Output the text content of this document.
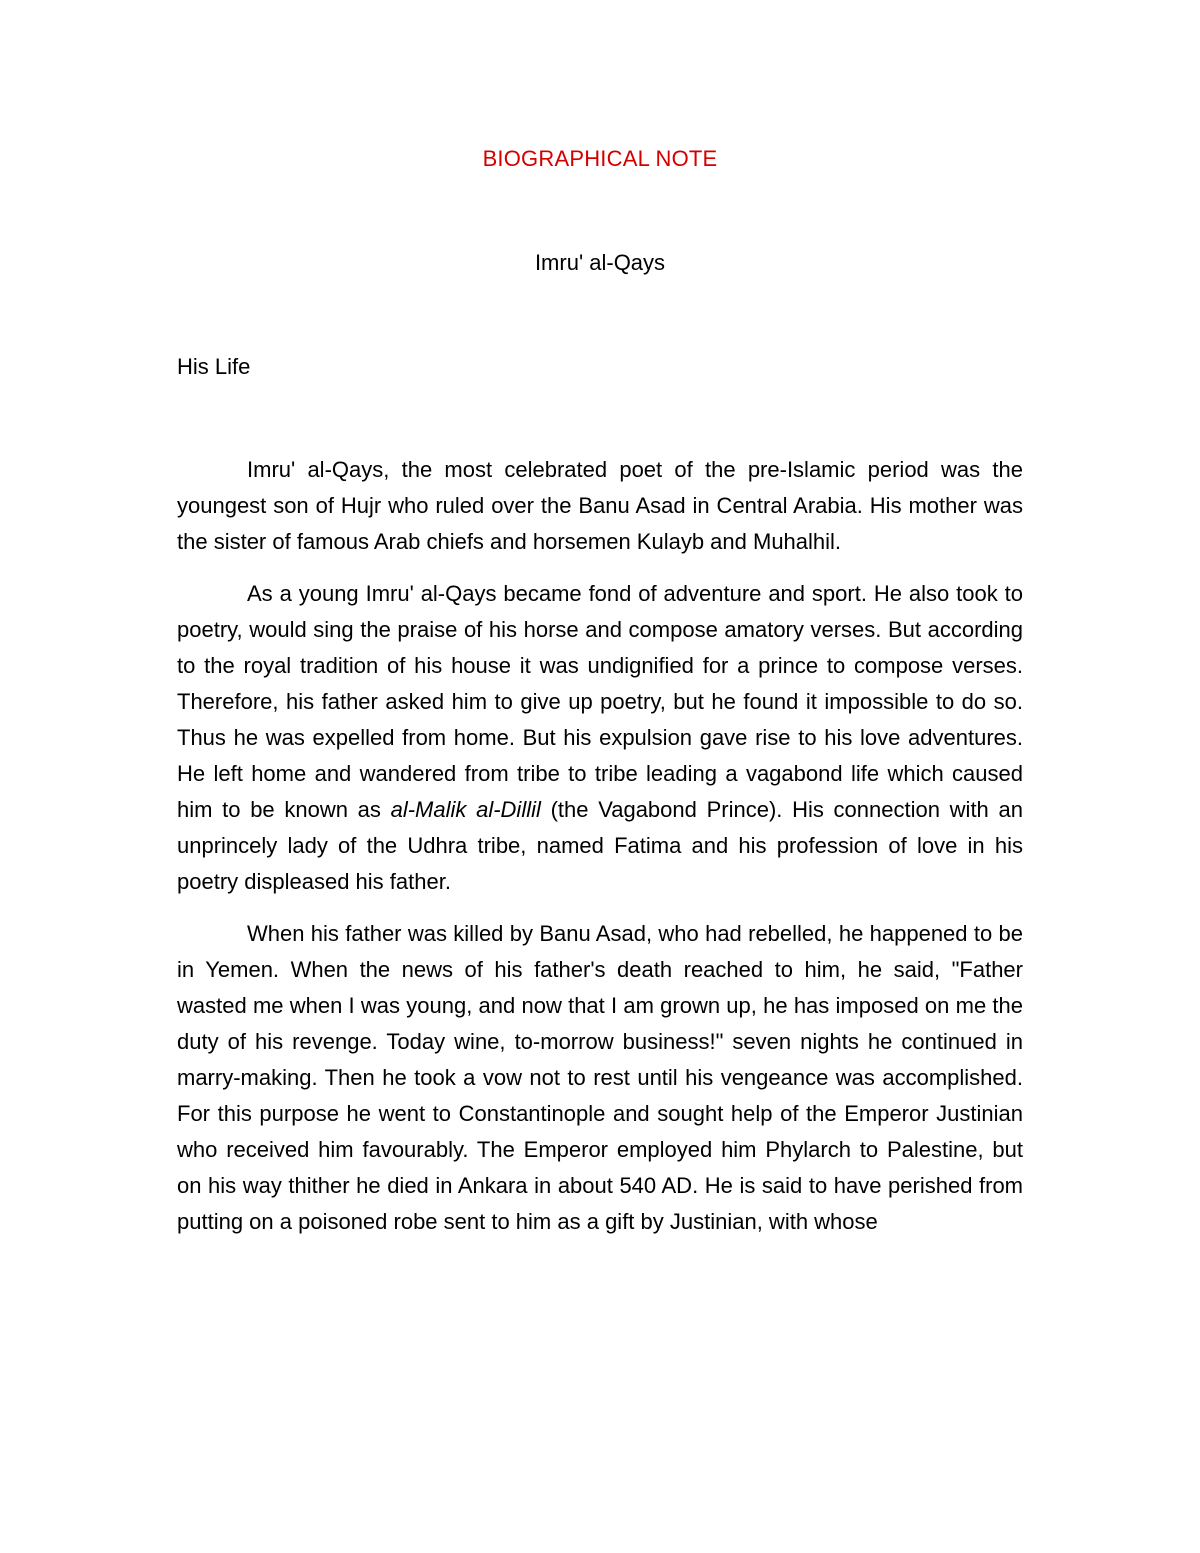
BIOGRAPHICAL NOTE
Imru' al-Qays
His Life

Imru' al-Qays, the most celebrated poet of the pre-Islamic period was the youngest son of Hujr who ruled over the Banu Asad in Central Arabia. His mother was the sister of famous Arab chiefs and horsemen Kulayb and Muhalhil.

As a young Imru' al-Qays became fond of adventure and sport. He also took to poetry, would sing the praise of his horse and compose amatory verses. But according to the royal tradition of his house it was undignified for a prince to compose verses. Therefore, his father asked him to give up poetry, but he found it impossible to do so. Thus he was expelled from home. But his expulsion gave rise to his love adventures. He left home and wandered from tribe to tribe leading a vagabond life which caused him to be known as al-Malik al-Dillil (the Vagabond Prince). His connection with an unprincely lady of the Udhra tribe, named Fatima and his profession of love in his poetry displeased his father.

When his father was killed by Banu Asad, who had rebelled, he happened to be in Yemen. When the news of his father's death reached to him, he said, "Father wasted me when I was young, and now that I am grown up, he has imposed on me the duty of his revenge. Today wine, to-morrow business!" seven nights he continued in marry-making. Then he took a vow not to rest until his vengeance was accomplished. For this purpose he went to Constantinople and sought help of the Emperor Justinian who received him favourably. The Emperor employed him Phylarch to Palestine, but on his way thither he died in Ankara in about 540 AD. He is said to have perished from putting on a poisoned robe sent to him as a gift by Justinian, with whose
